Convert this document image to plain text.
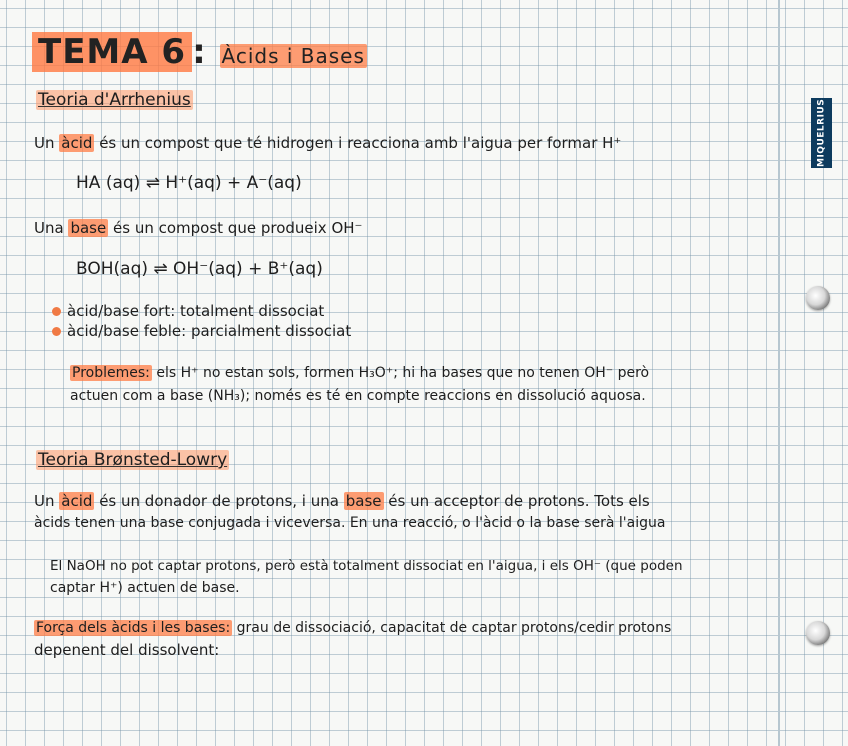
MIQUELRIUS

TEMA 6 : Àcids i Bases

Teoria d'Arrhenius

Un àcid és un compost que té hidrogen i reacciona amb l'aigua per formar H⁺

HA (aq) ⇌ H⁺(aq) + A⁻(aq)

Una base és un compost que produeix OH⁻

BOH(aq) ⇌ OH⁻(aq) + B⁺(aq)

àcid/base fort: totalment dissociat

àcid/base feble: parcialment dissociat

Problemes: els H⁺ no estan sols, formen H₃O⁺; hi ha bases que no tenen OH⁻ però

actuen com a base (NH₃); només es té en compte reaccions en dissolució aquosa.

Teoria Brønsted-Lowry

Un àcid és un donador de protons, i una base és un acceptor de protons. Tots els

àcids tenen una base conjugada i viceversa. En una reacció, o l'àcid o la base serà l'aigua

El NaOH no pot captar protons, però està totalment dissociat en l'aigua, i els OH⁻ (que poden

captar H⁺) actuen de base.

Força dels àcids i les bases: grau de dissociació, capacitat de captar protons/cedir protons

depenent del dissolvent:
